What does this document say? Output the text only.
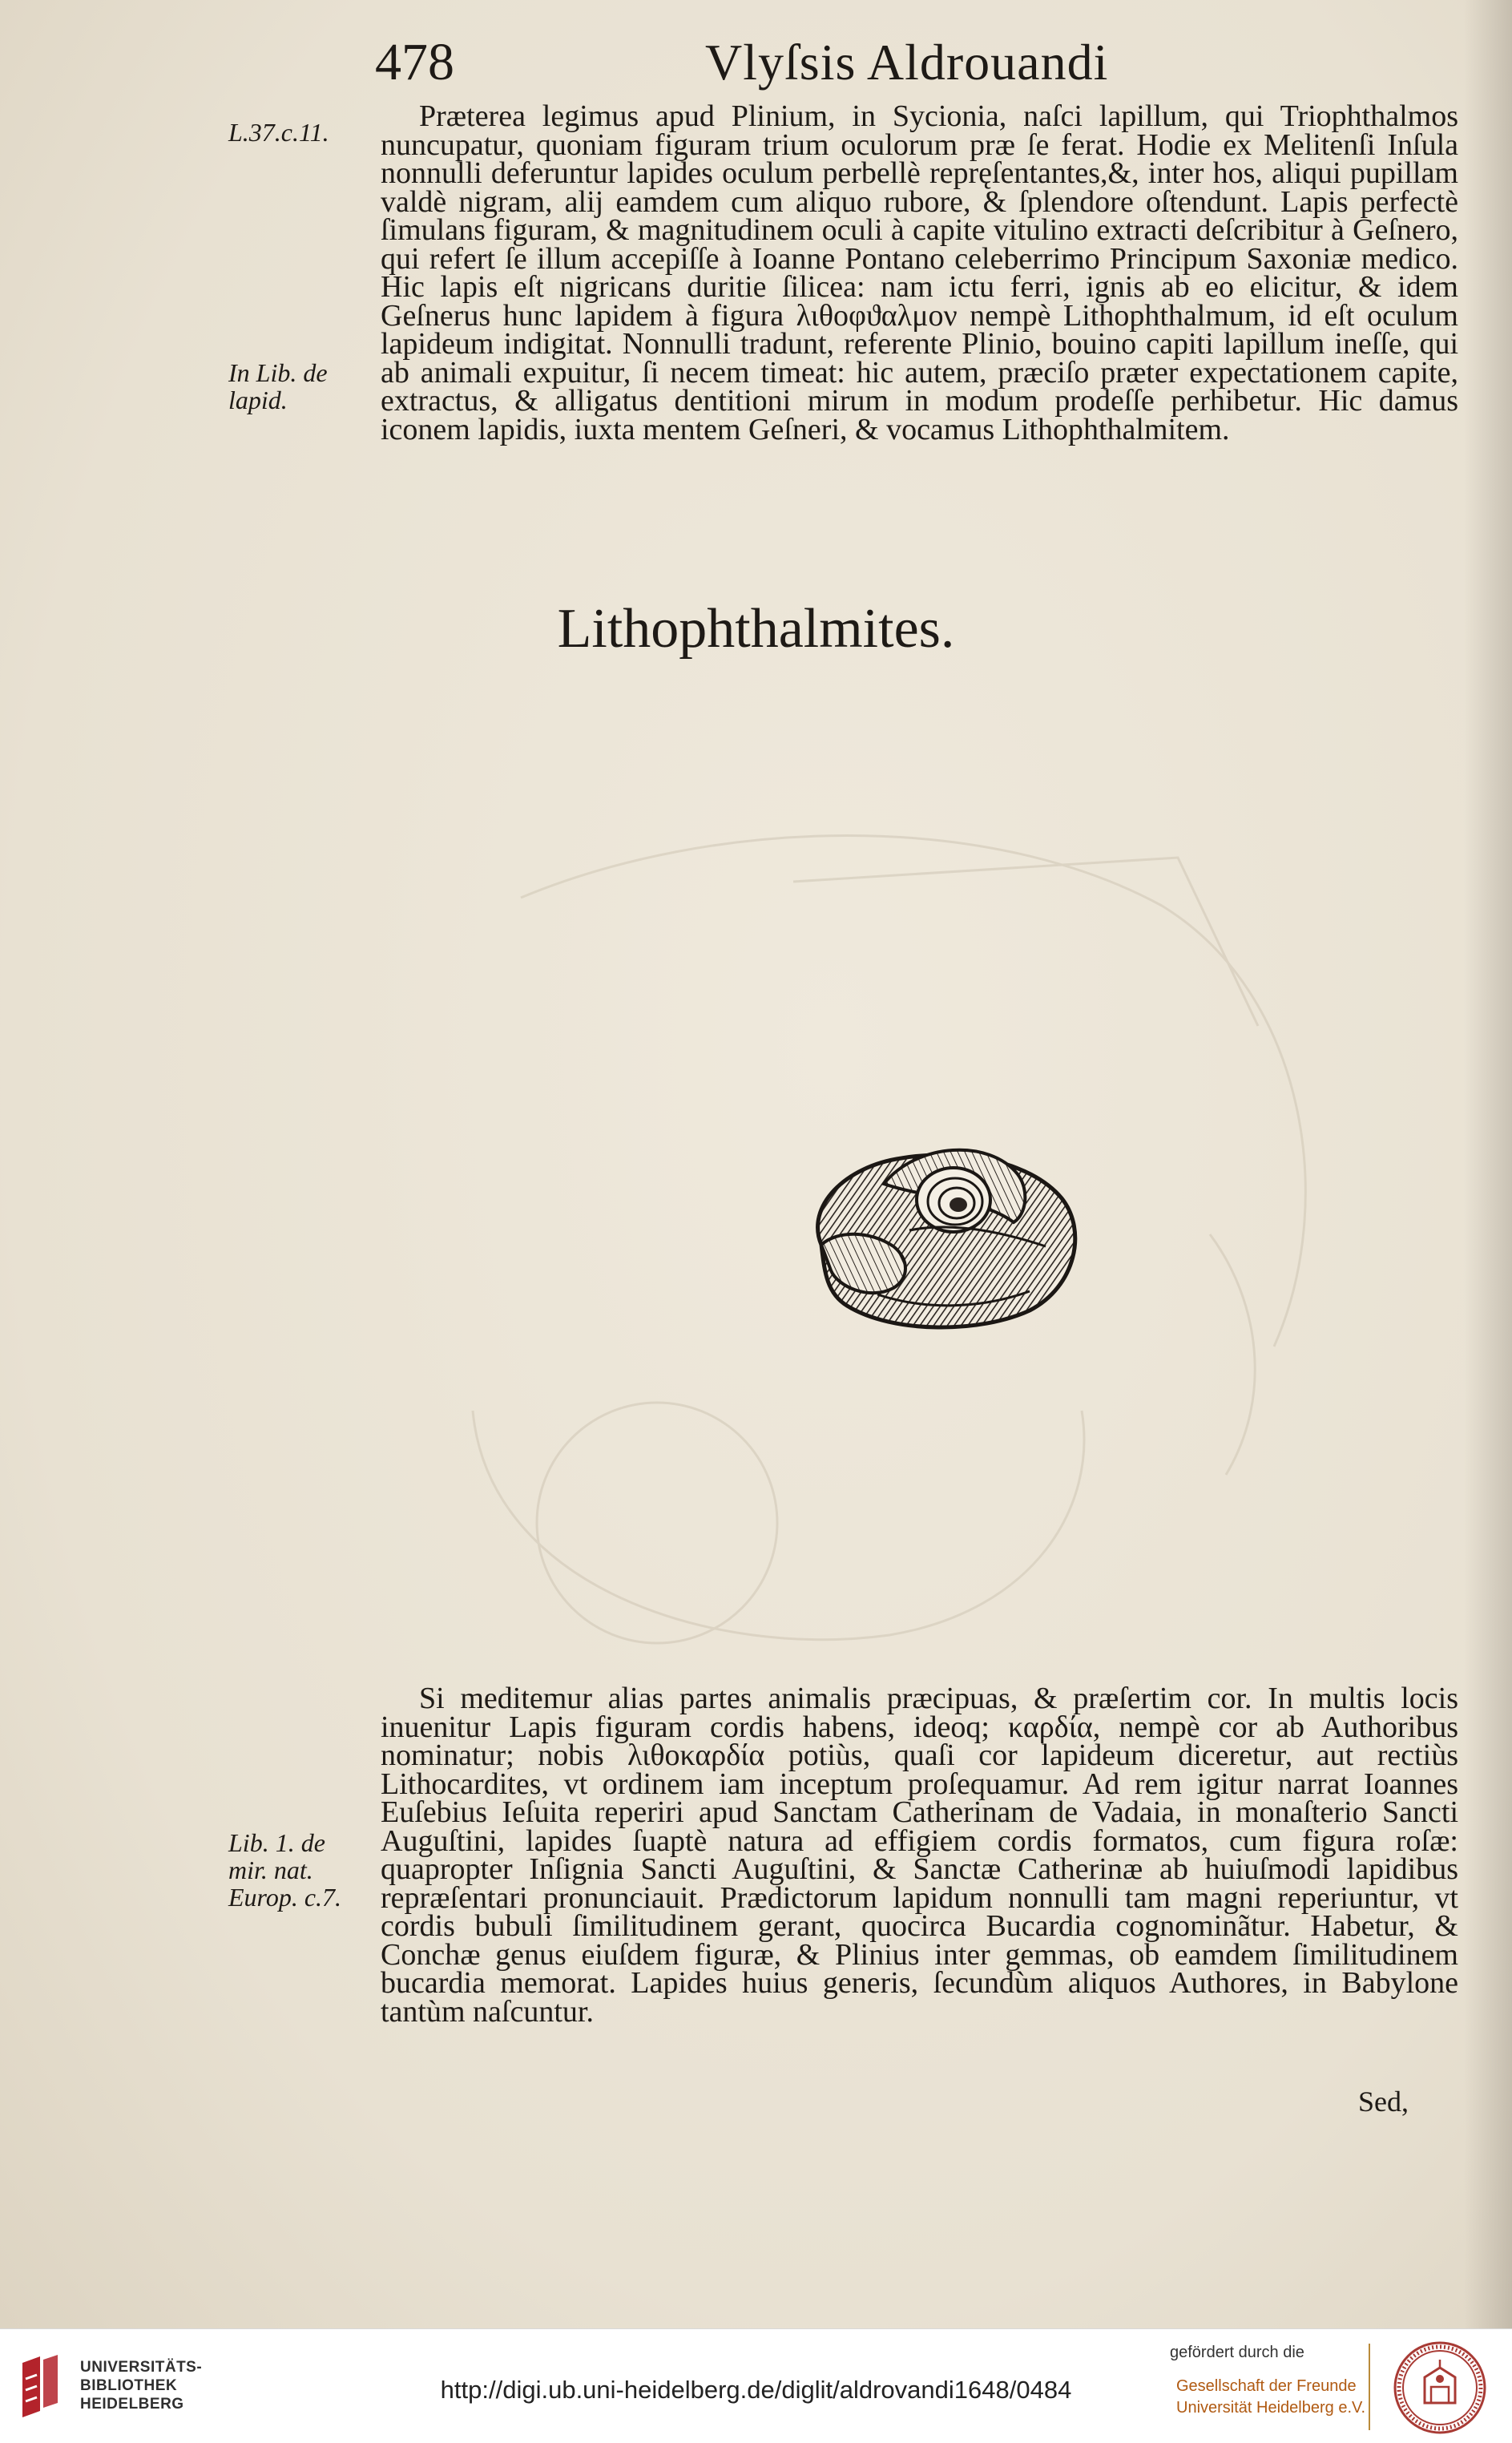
478	Vlyſsis Aldrouandi
L.37.c.11.
In Lib. de lapid.
Lib. 1. de mir. nat. Europ. c.7.

Prӕterea legimus apud Plinium, in Sycionia, naſci lapillum, qui Triophthalmos nuncupatur, quoniam figuram trium oculorum prӕ ſe ferat. Hodie ex Melitenſi Inſula nonnulli deferuntur lapides oculum perbellè repręſentantes,&, inter hos, aliqui pupillam valdè nigram, alij eamdem cum aliquo rubore, & ſplendore oſtendunt. Lapis perfectè ſimulans figuram, & magnitudinem oculi à capite vitulino extracti deſcribitur à Geſnero, qui refert ſe illum accepiſſe à Ioanne Pontano celeberrimo Principum Saxoniӕ medico. Hic lapis eſt nigricans duritie ſilicea: nam ictu ferri, ignis ab eo elicitur, & idem Geſnerus hunc lapidem à figura λιθοφϑαλμον nempè Lithophthalmum, id eſt oculum lapideum indigitat. Nonnulli tradunt, referente Plinio, bouino capiti lapillum ineſſe, qui ab animali expuitur, ſi necem timeat: hic autem, prӕciſo prӕter expectationem capite, extractus, & alligatus dentitioni mirum in modum prodeſſe perhibetur. Hic damus iconem lapidis, iuxta mentem Geſneri, & vocamus Lithophthalmitem.

Lithophthalmites.

Si meditemur alias partes animalis prӕcipuas, & prӕſertim cor. In multis locis inuenitur Lapis figuram cordis habens, ideoq; καρδία, nempè cor ab Authoribus nominatur; nobis λιθοκαρδία potiùs, quaſi cor lapideum diceretur, aut rectiùs Lithocardites, vt ordinem iam inceptum proſequamur. Ad rem igitur narrat Ioannes Euſebius Ieſuita reperiri apud Sanctam Catherinam de Vadaia, in monaſterio Sancti Auguſtini, lapides ſuaptè natura ad effigiem cordis formatos, cum figura roſӕ: quapropter Inſignia Sancti Auguſtini, & Sanctӕ Catherinӕ ab huiuſmodi lapidibus reprӕſentari pronunciauit. Prӕdictorum lapidum nonnulli tam magni reperiuntur, vt cordis bubuli ſimilitudinem gerant, quocirca Bucardia cognominãtur. Habetur, & Conchӕ genus eiuſdem figurӕ, & Plinius inter gemmas, ob eamdem ſimilitudinem bucardia memorat. Lapides huius generis, ſecundùm aliquos Authores, in Babylone tantùm naſcuntur.

Sed,
UNIVERSITÄTS-
BIBLIOTHEK
HEIDELBERG
http://digi.ub.uni-heidelberg.de/diglit/aldrovandi1648/0484
gefördert durch die
Gesellschaft der Freunde
Universität Heidelberg e.V.
